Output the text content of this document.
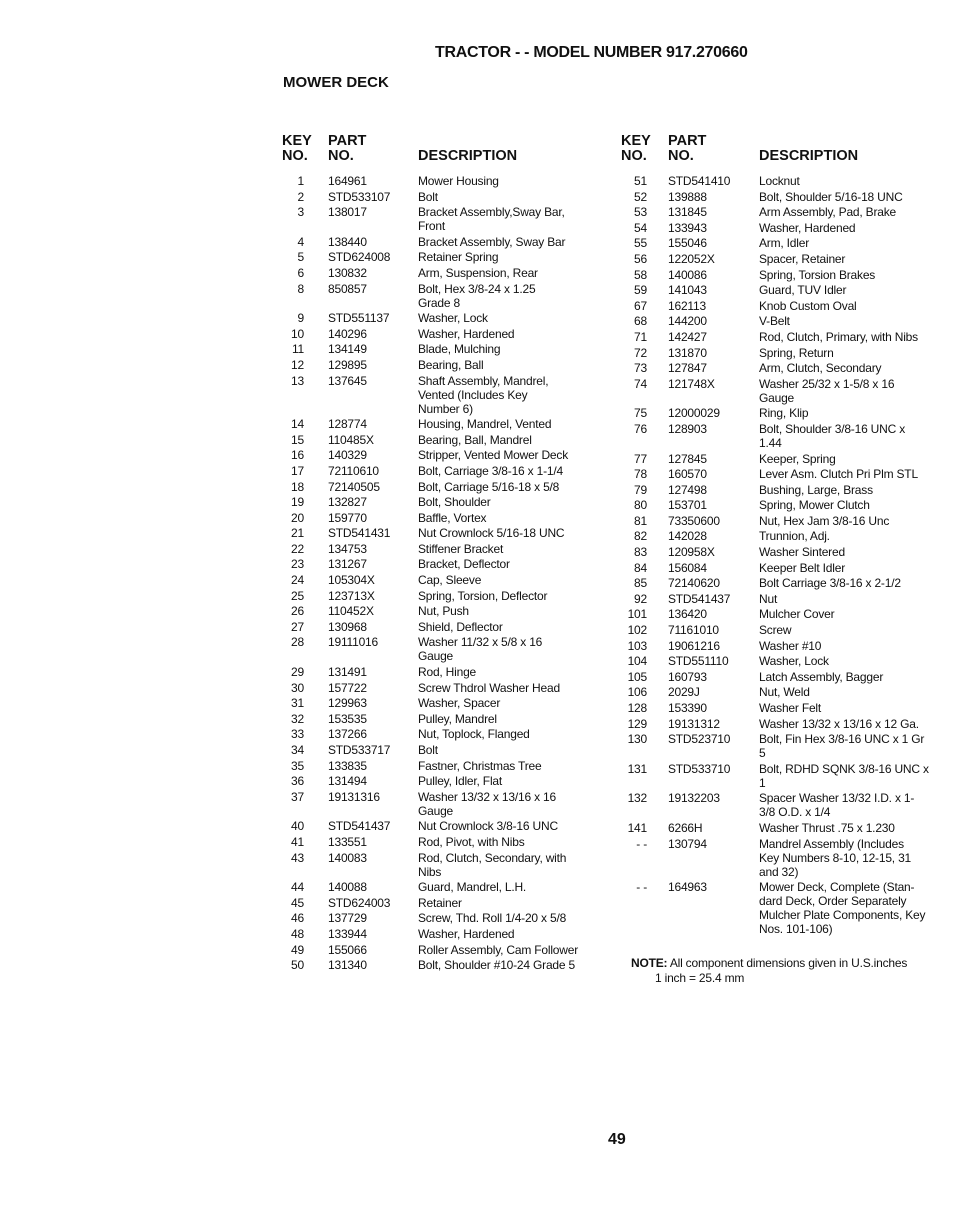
TRACTOR - - MODEL NUMBER 917.270660
MOWER DECK
KEY
NO.
PART
NO.	DESCRIPTION
1 164961	Mower Housing
2 STD533107 Bolt
3 138017	Bracket Assembly,Sway Bar,
Front
4 138440	Bracket Assembly, Sway Bar
5 STD624008 Retainer Spring
6 130832	Arm, Suspension, Rear
8 850857	Bolt, Hex 3/8-24 x 1.25
Grade 8
9 STD551137 Washer, Lock
10 140296	Washer, Hardened
11 134149	Blade, Mulching
12 129895	Bearing, Ball
13 137645	Shaft Assembly, Mandrel,
Vented (Includes Key
Number 6)
14 128774	Housing, Mandrel, Vented
15 110485X	Bearing, Ball, Mandrel
16 140329	Stripper, Vented Mower Deck
17 72110610	Bolt, Carriage 3/8-16 x 1-1/4
18 72140505	Bolt, Carriage 5/16-18 x 5/8
19 132827	Bolt, Shoulder
20 159770	Baffle, Vortex
21 STD541431 Nut Crownlock 5/16-18 UNC
22 134753	Stiffener Bracket
23 131267	Bracket, Deflector
24 105304X	Cap, Sleeve
25 123713X	Spring, Torsion, Deflector
26 110452X	Nut, Push
27 130968	Shield, Deflector
28 19111016	Washer 11/32 x 5/8 x 16
Gauge
29 131491	Rod, Hinge
30 157722	Screw Thdrol Washer Head
31 129963	Washer, Spacer
32 153535	Pulley, Mandrel
33 137266	Nut, Toplock, Flanged
34 STD533717 Bolt
35 133835	Fastner, Christmas Tree
36 131494	Pulley, Idler, Flat
37 19131316	Washer 13/32 x 13/16 x 16
Gauge
40 STD541437 Nut Crownlock 3/8-16 UNC
41 133551	Rod, Pivot, with Nibs
43 140083	Rod, Clutch, Secondary, with
Nibs
44 140088	Guard, Mandrel, L.H.
45 STD624003 Retainer
46 137729	Screw, Thd. Roll 1/4-20 x 5/8
48 133944	Washer, Hardened
49 155066	Roller Assembly, Cam Follower
50 131340	Bolt, Shoulder #10-24 Grade 5
KEY
NO.
PART
NO.	DESCRIPTION
51 STD541410 Locknut
52 139888	Bolt, Shoulder 5/16-18 UNC
53 131845	Arm Assembly, Pad, Brake
54 133943	Washer, Hardened
55 155046	Arm, Idler
56 122052X	Spacer, Retainer
58 140086	Spring, Torsion Brakes
59 141043	Guard, TUV Idler
67 162113	Knob Custom Oval
68 144200	V-Belt
71 142427	Rod, Clutch, Primary, with Nibs
72 131870	Spring, Return
73 127847	Arm, Clutch, Secondary
74 121748X	Washer 25/32 x 1-5/8 x 16
Gauge
75 12000029	Ring, Klip
76 128903	Bolt, Shoulder 3/8-16 UNC x
1.44
77 127845	Keeper, Spring
78 160570	Lever Asm. Clutch Pri Plm STL
79 127498	Bushing, Large, Brass
80 153701	Spring, Mower Clutch
81 73350600	Nut, Hex Jam 3/8-16 Unc
82 142028	Trunnion, Adj.
83 120958X	Washer Sintered
84 156084	Keeper Belt Idler
85 72140620	Bolt Carriage 3/8-16 x 2-1/2
92 STD541437 Nut
101 136420	Mulcher Cover
102 71161010	Screw
103 19061216	Washer #10
104 STD551110	Washer, Lock
105 160793	Latch Assembly, Bagger
106 2029J	Nut, Weld
128 153390	Washer Felt
129 19131312	Washer 13/32 x 13/16 x 12 Ga.
130 STD523710 Bolt, Fin Hex 3/8-16 UNC x 1 Gr
5
131 STD533710 Bolt, RDHD SQNK 3/8-16 UNC x
1
132 19132203	Spacer Washer 13/32 I.D. x 1-
3/8 O.D. x 1/4
141 6266H	Washer Thrust .75 x 1.230
- - 130794	Mandrel Assembly (Includes
Key Numbers 8-10, 12-15, 31
and 32)
- - 164963	Mower Deck, Complete (Stan-
dard Deck, Order Separately
Mulcher Plate Components, Key
Nos. 101-106)
NOTE: All component dimensions given in U.S.inches
1 inch = 25.4 mm
49
